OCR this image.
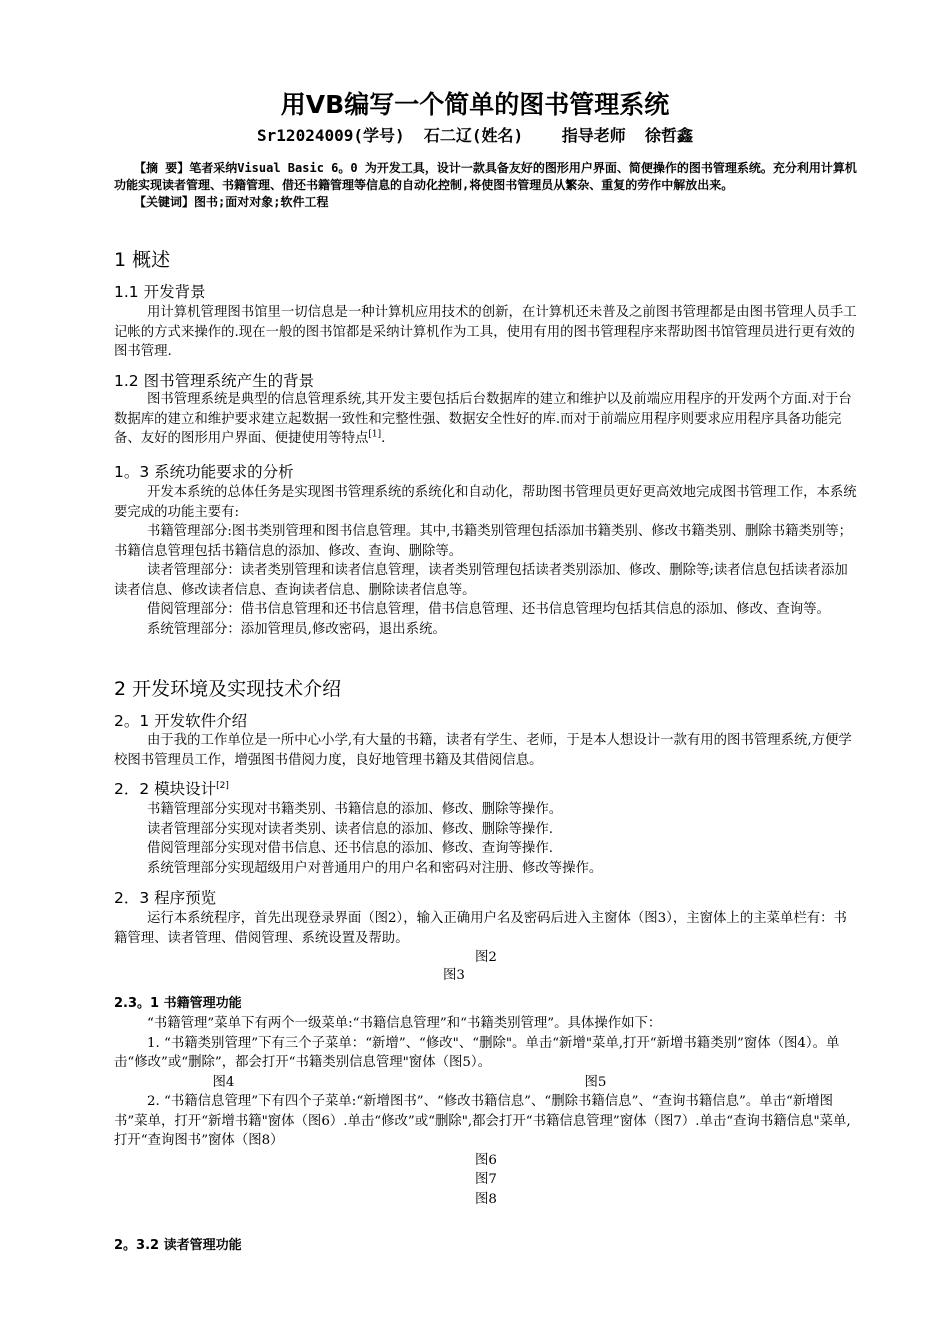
用VB编写一个简单的图书管理系统
Sr12024009(学号)  石二辽(姓名)    指导老师  徐哲鑫

【摘 要】笔者采纳Visual Basic 6。0 为开发工具，设计一款具备友好的图形用户界面、简便操作的图书管理系统。充分利用计算机功能实现读者管理、书籍管理、借还书籍管理等信息的自动化控制,将使图书管理员从繁杂、重复的劳作中解放出来。

【关键词】图书;面对对象;软件工程

1 概述
1.1 开发背景

用计算机管理图书馆里一切信息是一种计算机应用技术的创新，在计算机还未普及之前图书管理都是由图书管理人员手工记帐的方式来操作的.现在一般的图书馆都是采纳计算机作为工具，使用有用的图书管理程序来帮助图书馆管理员进行更有效的图书管理.

1.2 图书管理系统产生的背景

图书管理系统是典型的信息管理系统,其开发主要包括后台数据库的建立和维护以及前端应用程序的开发两个方面.对于台数据库的建立和维护要求建立起数据一致性和完整性强、数据安全性好的库.而对于前端应用程序则要求应用程序具备功能完备、友好的图形用户界面、便捷使用等特点[1].

1。3 系统功能要求的分析

开发本系统的总体任务是实现图书管理系统的系统化和自动化，帮助图书管理员更好更高效地完成图书管理工作，本系统要完成的功能主要有:

书籍管理部分:图书类别管理和图书信息管理。其中,书籍类别管理包括添加书籍类别、修改书籍类别、删除书籍类别等；书籍信息管理包括书籍信息的添加、修改、查询、删除等。

读者管理部分：读者类别管理和读者信息管理，读者类别管理包括读者类别添加、修改、删除等;读者信息包括读者添加读者信息、修改读者信息、查询读者信息、删除读者信息等。

借阅管理部分：借书信息管理和还书信息管理，借书信息管理、还书信息管理均包括其信息的添加、修改、查询等。

系统管理部分：添加管理员,修改密码，退出系统。

2 开发环境及实现技术介绍
2。1 开发软件介绍

由于我的工作单位是一所中心小学,有大量的书籍，读者有学生、老师，于是本人想设计一款有用的图书管理系统,方便学校图书管理员工作，增强图书借阅力度，良好地管理书籍及其借阅信息。

2．2 模块设计[2]

书籍管理部分实现对书籍类别、书籍信息的添加、修改、删除等操作。

读者管理部分实现对读者类别、读者信息的添加、修改、删除等操作.

借阅管理部分实现对借书信息、还书信息的添加、修改、查询等操作.

系统管理部分实现超级用户对普通用户的用户名和密码对注册、修改等操作。

2．3 程序预览

运行本系统程序，首先出现登录界面（图2），输入正确用户名及密码后进入主窗体（图3），主窗体上的主菜单栏有：书籍管理、读者管理、借阅管理、系统设置及帮助。

图2

图3

2.3。1 书籍管理功能

“书籍管理”菜单下有两个一级菜单:“书籍信息管理”和“书籍类别管理”。具体操作如下：

1. “书籍类别管理”下有三个子菜单：“新增”、“修改"、“删除"。单击“新增"菜单,打开“新增书籍类别”窗体（图4）。单击“修改”或“删除”，都会打开“书籍类别信息管理"窗体（图5）。

图4	图5

2. “书籍信息管理”下有四个子菜单:“新增图书”、“修改书籍信息”、“删除书籍信息”、“查询书籍信息”。单击“新增图书”菜单，打开“新增书籍"窗体（图6）.单击“修改”或“删除",都会打开“书籍信息管理”窗体（图7）.单击“查询书籍信息"菜单,打开“查询图书”窗体（图8）

图6

图7

图8

2。3.2 读者管理功能
